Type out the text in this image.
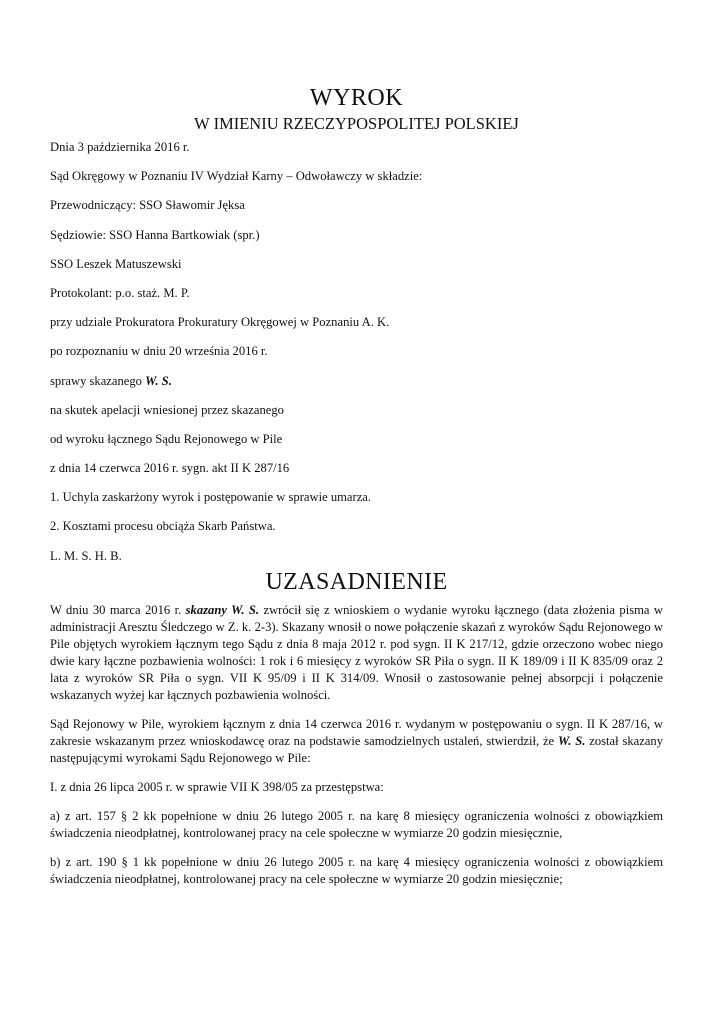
WYROK
W IMIENIU RZECZYPOSPOLITEJ POLSKIEJ

Dnia 3 października 2016 r.

Sąd Okręgowy w Poznaniu IV Wydział Karny – Odwoławczy w składzie:

Przewodniczący: SSO Sławomir Jęksa

Sędziowie: SSO Hanna Bartkowiak (spr.)

SSO Leszek Matuszewski

Protokolant: p.o. staż. M. P.

przy udziale Prokuratora Prokuratury Okręgowej w Poznaniu A. K.

po rozpoznaniu w dniu 20 września 2016 r.

sprawy skazanego W. S.

na skutek apelacji wniesionej przez skazanego

od wyroku łącznego Sądu Rejonowego w Pile

z dnia 14 czerwca 2016 r. sygn. akt II K 287/16

1. Uchyla zaskarżony wyrok i postępowanie w sprawie umarza.

2. Kosztami procesu obciąża Skarb Państwa.

L. M. S. H. B.

UZASADNIENIE

W dniu 30 marca 2016 r. skazany W. S. zwrócił się z wnioskiem o wydanie wyroku łącznego (data złożenia pisma w administracji Aresztu Śledczego w Z. k. 2-3). Skazany wnosił o nowe połączenie skazań z wyroków Sądu Rejonowego w Pile objętych wyrokiem łącznym tego Sądu z dnia 8 maja 2012 r. pod sygn. II K 217/12, gdzie orzeczono wobec niego dwie kary łączne pozbawienia wolności: 1 rok i 6 miesięcy z wyroków SR Piła o sygn. II K 189/09 i II K 835/09 oraz 2 lata z wyroków SR Piła o sygn. VII K 95/09 i II K 314/09. Wnosił o zastosowanie pełnej absorpcji i połączenie wskazanych wyżej kar łącznych pozbawienia wolności.

Sąd Rejonowy w Pile, wyrokiem łącznym z dnia 14 czerwca 2016 r. wydanym w postępowaniu o sygn. II K 287/16, w zakresie wskazanym przez wnioskodawcę oraz na podstawie samodzielnych ustaleń, stwierdził, że W. S. został skazany następującymi wyrokami Sądu Rejonowego w Pile:

I. z dnia 26 lipca 2005 r. w sprawie VII K 398/05 za przestępstwa:

a) z art. 157 § 2 kk popełnione w dniu 26 lutego 2005 r. na karę 8 miesięcy ograniczenia wolności z obowiązkiem świadczenia nieodpłatnej, kontrolowanej pracy na cele społeczne w wymiarze 20 godzin miesięcznie,

b) z art. 190 § 1 kk popełnione w dniu 26 lutego 2005 r. na karę 4 miesięcy ograniczenia wolności z obowiązkiem świadczenia nieodpłatnej, kontrolowanej pracy na cele społeczne w wymiarze 20 godzin miesięcznie;
